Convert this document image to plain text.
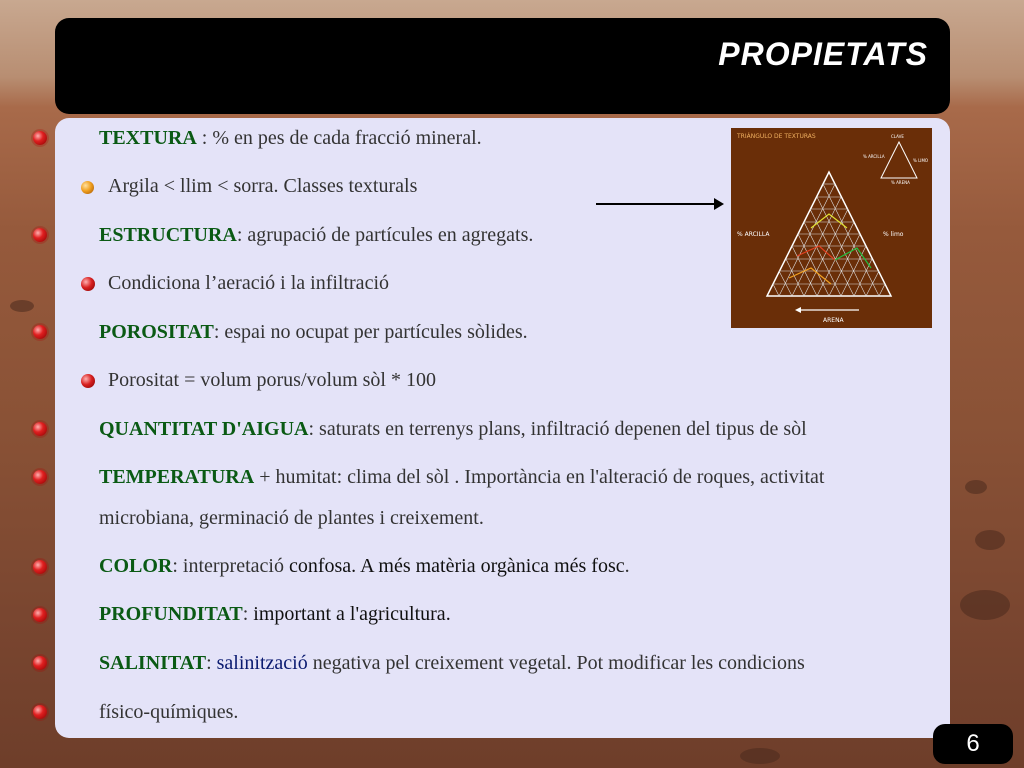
PROPIETATS
TEXTURA : % en pes de cada fracció mineral.
Argila < llim < sorra. Classes texturals
ESTRUCTURA: agrupació de partícules en agregats.
Condiciona l’aeració i la infiltració
POROSITAT: espai no ocupat per partícules sòlides.
Porositat = volum porus/volum sòl * 100
QUANTITAT D'AIGUA: saturats en terrenys plans, infiltració depenen del tipus de sòl
TEMPERATURA + humitat: clima del sòl . Importància en l'alteració de roques, activitat
microbiana, germinació de plantes i creixement.
COLOR: interpretació confosa. A més matèria orgànica més fosc.
PROFUNDITAT: important a l'agricultura.
SALINITAT: salinització negativa pel creixement vegetal. Pot modificar les condicions
físico-químiques.
TRIÁNGULO DE TEXTURAS	CLAVE
% ARCILLA
% LIMO
% ARENA
% ARCILLA	% limo
ARENA
6
